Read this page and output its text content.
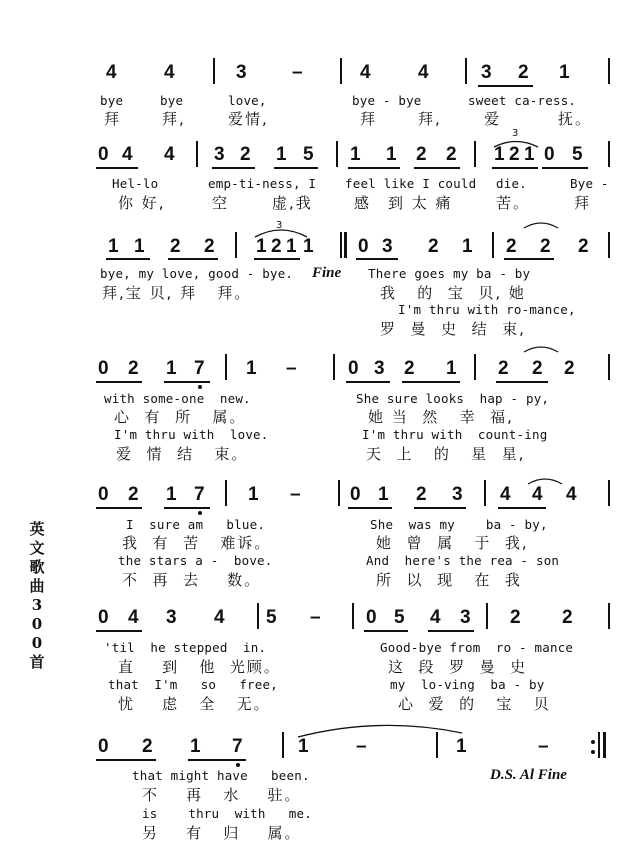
英
文
歌
曲
3
0
0
首
4 4	3 –	4 4	3 2 1
bye	bye	love,	bye - bye	sweet ca-ress.
拜	拜,	爱情,	拜	拜,	爱	抚。
0 4 4 3 2 1 5 1 1 2 2 1 2 1
3
0 5
Hel-lo	emp-ti-ness, I feel like I could die.	Bye -
你 好,	空	虚,我	感 到 太 痛	苦。	拜
1 1 2 2 1 2 1 1
3
0 3 2 1 2 2 2
bye, my love, good - bye. Fine There goes my ba - by
拜,宝 贝, 拜   拜。	我   的  宝  贝, 她
I'm thru with ro-mance,
罗  曼  史  结  束,
0 2 1 7 1 –	0 3 2 1 2 2 2
with some-one  new.	She sure looks  hap - py,
心  有  所   属。	她 当  然   幸  福,
I'm thru with  love.	I'm thru with  count-ing
爱  情  结   束。	天  上   的   星  星,
0 2 1 7 1 –	0 1 2 3 4 4 4
I  sure am   blue.	She  was my    ba - by,
我  有  苦   难诉。	她  曾  属   于  我,
the stars a -  bove.	And  here's the rea - son
不  再  去    数。	所  以  现   在  我
0 4 3 4 5 – 0 5 4 3 2 2
'til  he stepped  in.	Good-bye from  ro - mance
直    到   他  光顾。	这  段  罗  曼  史
that  I'm   so   free,	my  lo-ving  ba - by
忧    虑   全   无。	心  爱  的   宝   贝
0 2 1 7	1 –	1	–
that might have   been.	D.S. Al Fine
不    再   水    驻。
is    thru  with   me.
另    有   归    属。
